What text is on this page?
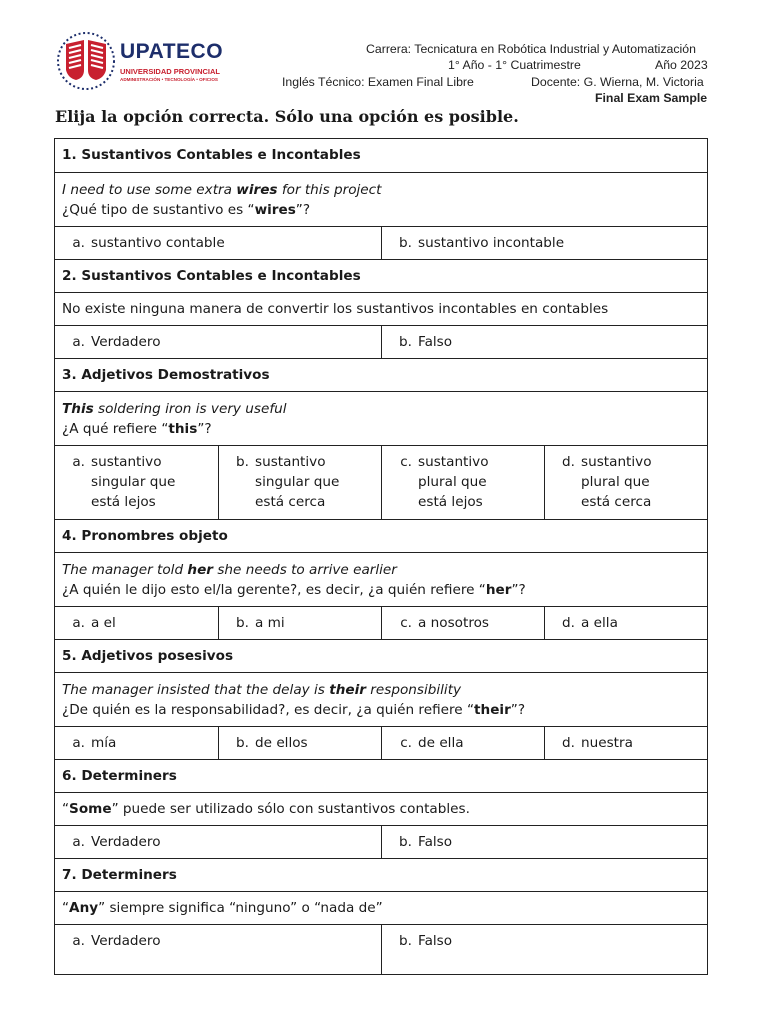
UPATECO
UNIVERSIDAD PROVINCIAL
ADMINISTRACIÓN • TECNOLOGÍA • OFICIOS
Carrera: Tecnicatura en Robótica Industrial y Automatización
1° Año - 1° Cuatrimestre	Año 2023
Inglés Técnico: Examen Final Libre	Docente: G. Wierna, M. Victoria
Final Exam Sample
Elija la opción correcta. Sólo una opción es posible.
1. Sustantivos Contables e Incontables
I need to use some extra wires for this project
¿Qué tipo de sustantivo es “wires”?
a. sustantivo contable	b. sustantivo incontable
2. Sustantivos Contables e Incontables
No existe ninguna manera de convertir los sustantivos incontables en contables
a. Verdadero	b. Falso
3. Adjetivos Demostrativos
This soldering iron is very useful
¿A qué refiere “this”?
a. sustantivo singular que está lejos
b. sustantivo singular que está cerca
c. sustantivo plural que está lejos
d. sustantivo plural que está cerca
4. Pronombres objeto
The manager told her she needs to arrive earlier
¿A quién le dijo esto el/la gerente?, es decir, ¿a quién refiere “her”?
a. a el	b. a mi	c. a nosotros	d. a ella
5. Adjetivos posesivos
The manager insisted that the delay is their responsibility
¿De quién es la responsabilidad?, es decir, ¿a quién refiere “their”?
a. mía	b. de ellos	c. de ella	d. nuestra
6. Determiners
“Some” puede ser utilizado sólo con sustantivos contables.
a. Verdadero	b. Falso
7. Determiners
“Any” siempre significa “ninguno” o “nada de”
a. Verdadero	b. Falso
